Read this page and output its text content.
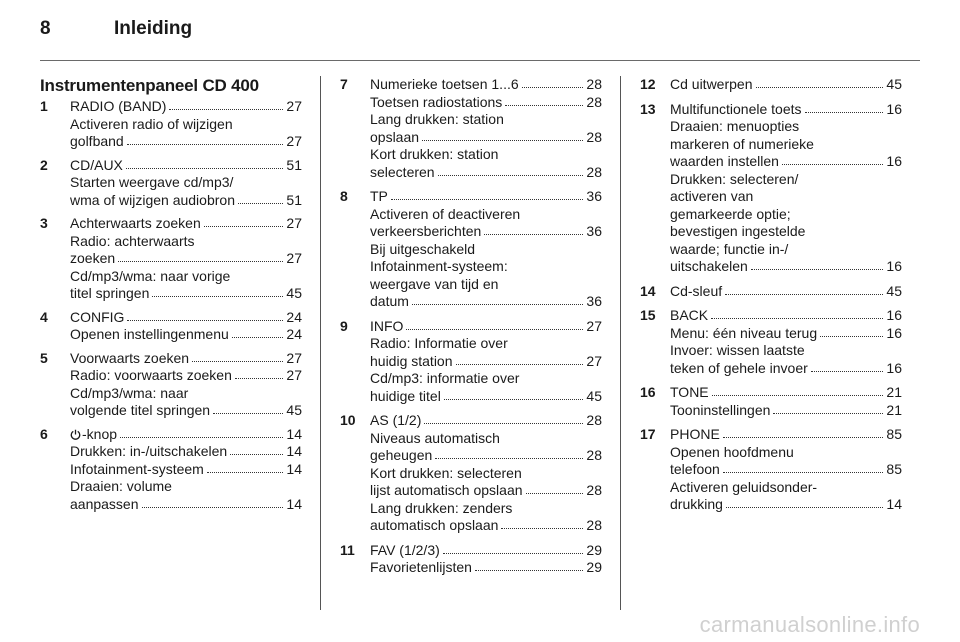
8	Inleiding
Instrumentenpaneel CD 400
1	RADIO (BAND)	27
Activeren radio of wijzigen
golfband	27
2	CD/AUX	51
Starten weergave cd/mp3/
wma of wijzigen audiobron	51
3	Achterwaarts zoeken	27
Radio: achterwaarts
zoeken	27
Cd/mp3/wma: naar vorige
titel springen	45
4	CONFIG	24
Openen instellingenmenu	24
5	Voorwaarts zoeken	27
Radio: voorwaarts zoeken	27
Cd/mp3/wma: naar
volgende titel springen	45
6	-knop	14
Drukken: in-/uitschakelen	14
Infotainment-systeem	14
Draaien: volume
aanpassen	14
7	Numerieke toetsen 1...6	28
Toetsen radiostations	28
Lang drukken: station
opslaan	28
Kort drukken: station
selecteren	28
8	TP	36
Activeren of deactiveren
verkeersberichten	36
Bij uitgeschakeld
Infotainment-systeem:
weergave van tijd en
datum	36
9	INFO	27
Radio: Informatie over
huidig station	27
Cd/mp3: informatie over
huidige titel	45
10	AS (1/2)	28
Niveaus automatisch
geheugen	28
Kort drukken: selecteren
lijst automatisch opslaan	28
Lang drukken: zenders
automatisch opslaan	28
11	FAV (1/2/3)	29
Favorietenlijsten	29
12	Cd uitwerpen	45
13	Multifunctionele toets	16
Draaien: menuopties
markeren of numerieke
waarden instellen	16
Drukken: selecteren/
activeren van
gemarkeerde optie;
bevestigen ingestelde
waarde; functie in-/
uitschakelen	16
14	Cd-sleuf	45
15	BACK	16
Menu: één niveau terug	16
Invoer: wissen laatste
teken of gehele invoer	16
16	TONE	21
Tooninstellingen	21
17	PHONE	85
Openen hoofdmenu
telefoon	85
Activeren geluidsonder-
drukking	14
carmanualsonline.info
